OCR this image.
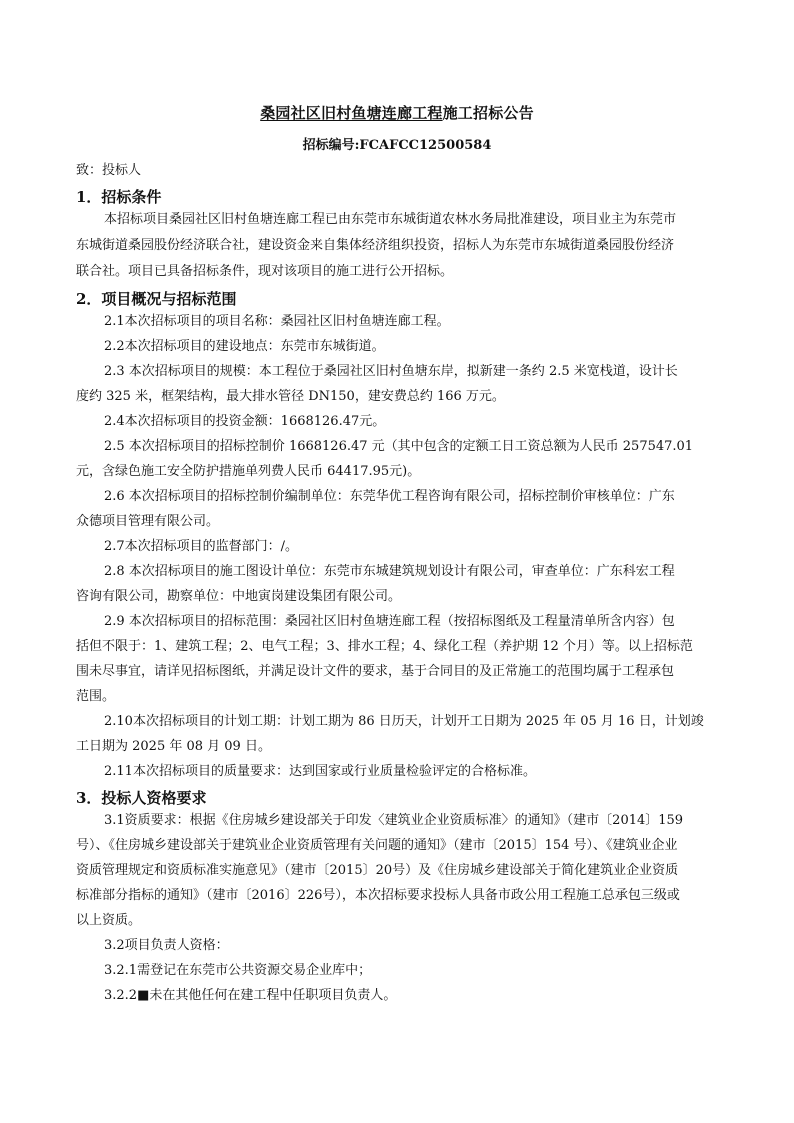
桑园社区旧村鱼塘连廊工程施工招标公告
招标编号:FCAFCC12500584
致：投标人
1．招标条件
本招标项目桑园社区旧村鱼塘连廊工程已由东莞市东城街道农林水务局批准建设，项目业主为东莞市
东城街道桑园股份经济联合社，建设资金来自集体经济组织投资，招标人为东莞市东城街道桑园股份经济
联合社。项目已具备招标条件，现对该项目的施工进行公开招标。
2．项目概况与招标范围
2.1本次招标项目的项目名称：桑园社区旧村鱼塘连廊工程。
2.2本次招标项目的建设地点：东莞市东城街道。
2.3 本次招标项目的规模：本工程位于桑园社区旧村鱼塘东岸，拟新建一条约 2.5 米宽栈道，设计长
度约 325 米，框架结构，最大排水管径 DN150，建安费总约 166 万元。
2.4本次招标项目的投资金额：1668126.47元。
2.5 本次招标项目的招标控制价 1668126.47 元（其中包含的定额工日工资总额为人民币 257547.01
元，含绿色施工安全防护措施单列费人民币 64417.95元)。
2.6 本次招标项目的招标控制价编制单位：东莞华优工程咨询有限公司，招标控制价审核单位：广东
众德项目管理有限公司。
2.7本次招标项目的监督部门：/。
2.8 本次招标项目的施工图设计单位：东莞市东城建筑规划设计有限公司，审查单位：广东科宏工程
咨询有限公司，勘察单位：中地寅岗建设集团有限公司。
2.9 本次招标项目的招标范围：桑园社区旧村鱼塘连廊工程（按招标图纸及工程量清单所含内容）包
括但不限于：1、建筑工程；2、电气工程；3、排水工程；4、绿化工程（养护期 12 个月）等。以上招标范
围未尽事宜，请详见招标图纸，并满足设计文件的要求，基于合同目的及正常施工的范围均属于工程承包
范围。
2.10本次招标项目的计划工期：计划工期为 86 日历天，计划开工日期为 2025 年 05 月 16 日，计划竣
工日期为 2025 年 08 月 09 日。
2.11本次招标项目的质量要求：达到国家或行业质量检验评定的合格标准。
3．投标人资格要求
3.1资质要求：根据《住房城乡建设部关于印发〈建筑业企业资质标准〉的通知》（建市〔2014〕159
号）、《住房城乡建设部关于建筑业企业资质管理有关问题的通知》（建市〔2015〕154 号）、《建筑业企业
资质管理规定和资质标准实施意见》（建市〔2015〕20号）及《住房城乡建设部关于简化建筑业企业资质
标准部分指标的通知》（建市〔2016〕226号），本次招标要求投标人具备市政公用工程施工总承包三级或
以上资质。
3.2项目负责人资格：
3.2.1需登记在东莞市公共资源交易企业库中；
3.2.2■未在其他任何在建工程中任职项目负责人。
